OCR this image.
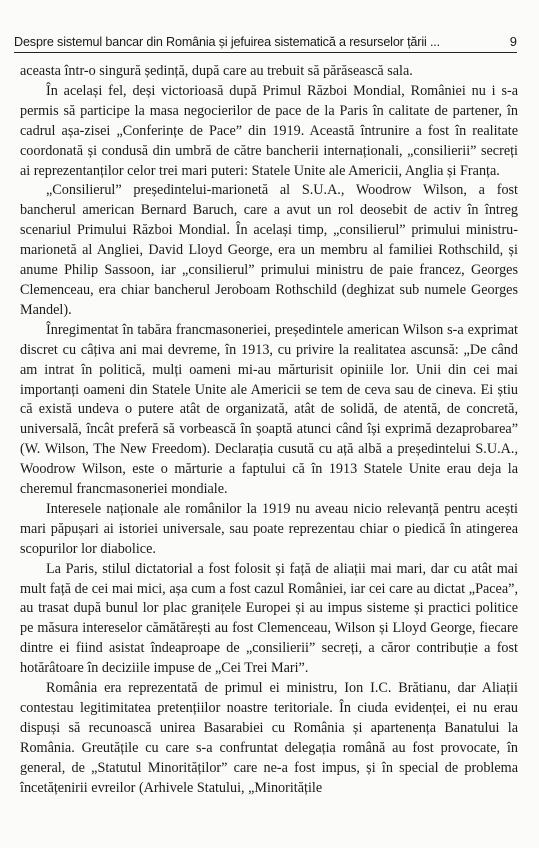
Despre sistemul bancar din România și jefuirea sistematică a resurselor țării ...	9

aceasta într-o singură ședință, după care au trebuit să părăsească sala.

În același fel, deși victorioasă după Primul Război Mondial, României nu i s-a permis să participe la masa negocierilor de pace de la Paris în calitate de partener, în cadrul așa-zisei „Conferințe de Pace” din 1919. Această întrunire a fost în realitate coordonată și condusă din umbră de către bancherii internaționali, „consilierii” secreți ai reprezentanților celor trei mari puteri: Statele Unite ale Americii, Anglia și Franța.

„Consilierul” președintelui-marionetă al S.U.A., Woodrow Wilson, a fost bancherul american Bernard Baruch, care a avut un rol deosebit de activ în întreg scenariul Primului Război Mondial. În același timp, „consilierul” primului ministru-marionetă al Angliei, David Lloyd George, era un membru al familiei Rothschild, și anume Philip Sassoon, iar „consilierul” primului ministru de paie francez, Georges Clemenceau, era chiar bancherul Jeroboam Rothschild (deghizat sub numele Georges Mandel).

Înregimentat în tabăra francmasoneriei, președintele american Wilson s-a exprimat discret cu câțiva ani mai devreme, în 1913, cu privire la realitatea ascunsă: „De când am intrat în politică, mulți oameni mi-au mărturisit opiniile lor. Unii din cei mai importanți oameni din Statele Unite ale Americii se tem de ceva sau de cineva. Ei știu că există undeva o putere atât de organizată, atât de solidă, de atentă, de concretă, universală, încât preferă să vorbească în șoaptă atunci când își exprimă dezaprobarea” (W. Wilson, The New Freedom). Declarația cusută cu ață albă a președintelui S.U.A., Woodrow Wilson, este o mărturie a faptului că în 1913 Statele Unite erau deja la cheremul francmasoneriei mondiale.

Interesele naționale ale românilor la 1919 nu aveau nicio relevanță pentru acești mari păpușari ai istoriei universale, sau poate reprezentau chiar o piedică în atingerea scopurilor lor diabolice.

La Paris, stilul dictatorial a fost folosit și față de aliații mai mari, dar cu atât mai mult față de cei mai mici, așa cum a fost cazul României, iar cei care au dictat „Pacea”, au trasat după bunul lor plac granițele Europei și au impus sisteme și practici politice pe măsura intereselor cămătărești au fost Clemenceau, Wilson și Lloyd George, fiecare dintre ei fiind asistat îndeaproape de „consilierii” secreți, a căror contribuție a fost hotărâtoare în deciziile impuse de „Cei Trei Mari”.

România era reprezentată de primul ei ministru, Ion I.C. Brătianu, dar Aliații contestau legitimitatea pretențiilor noastre teritoriale. În ciuda evidenței, ei nu erau dispuși să recunoască unirea Basarabiei cu România și apartenența Banatului la România. Greutățile cu care s-a confruntat delegația română au fost provocate, în general, de „Statutul Minorităților” care ne-a fost impus, și în special de problema încetățenirii evreilor (Arhivele Statului, „Minoritățile
